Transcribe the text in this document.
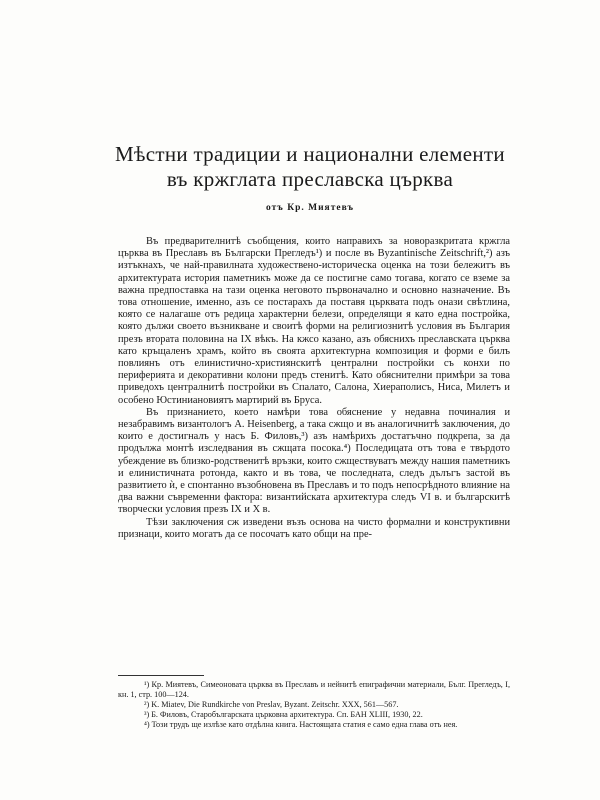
Мѣстни традиции и национални елементи
въ кржглата преславска църква
отъ Кр. Миятевъ

Въ предварителнитѣ съобщения, които направихъ за новоразкритата кржгла църква въ Преславъ въ Български Прегледъ¹) и после въ Byzantinische Zeitschrift,²) азъ изтъкнахъ, че най-правилната художествено-историческа оценка на този бележитъ въ архитектурата история паметникъ може да се постигне само тогава, когато се вземе за важна предпоставка на тази оценка неговото първоначално и основно назначение. Въ това отношение, именно, азъ се постарахъ да поставя църквата подъ онази свѣтлина, която се налагаше отъ редица характерни белези, определящи я като една постройка, която дължи своето възникване и своитѣ форми на религиознитѣ условия въ България презъ втората половина на IX вѣкъ. На кжсо казано, азъ обяснихъ преславската църква като кръщаленъ храмъ, който въ своята архитектурна композиция и форми е билъ повлиянъ отъ елинистично-християнскитѣ централни постройки съ конхи по периферията и декоративни колони предъ стенитѣ. Като обяснителни примѣри за това приведохъ централнитѣ постройки въ Спалато, Салона, Хиераполисъ, Ниса, Милетъ и особено Юстиниановиятъ мартирий въ Бруса.

Въ признанието, което намѣри това обяснение у недавна починалия и незабравимъ византологъ A. Heisenberg, а така сжщо и въ аналогичнитѣ заключения, до които е достигналъ у насъ Б. Филовъ,³) азъ намѣрихъ достатъчно подкрепа, за да продължа монтѣ изследвания въ сжщата посока.⁴) Последицата отъ това е твърдото убеждение въ близко-родственитѣ връзки, които сжществуватъ между нашия паметникъ и елинистичната ротонда, както и въ това, че последната, следъ дълъгъ застой въ развитието ѝ, е спонтанно възобновена въ Преславъ и то подъ непосрѣдното влияние на два важни съвременни фактора: византийската архитектура следъ VI в. и българскитѣ творчески условия презъ IX и X в.

Тѣзи заключения сж изведени възъ основа на чисто формални и конструктивни признаци, които могатъ да се посочатъ като общи на пре-

¹) Кр. Миятевъ, Симеоновата църква въ Преславъ и нейнитѣ епиграфични материали, Бълг. Прегледъ, I, кн. 1, стр. 100—124.

²) K. Miatev, Die Rundkirche von Preslav, Byzant. Zeitschr. XXX, 561—567.

³) Б. Филовъ, Старобългарската църковна архитектура. Сп. БАН XLIII, 1930, 22.

⁴) Този трудъ ще излѣзе като отдѣлна книга. Настоящата статия е само една глава отъ нея.
